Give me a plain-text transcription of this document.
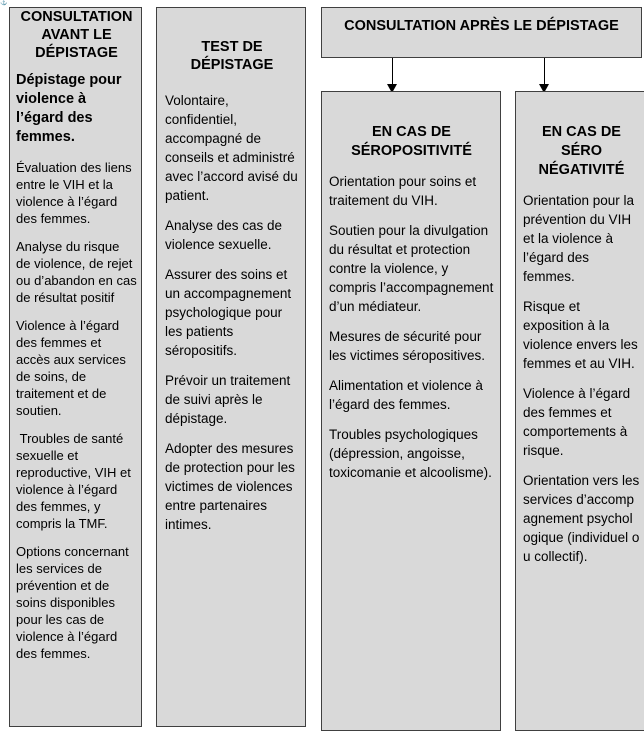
⚓
CONSULTATION AVANT LE DÉPISTAGE
Dépistage pour violence à l’égard des femmes.
Évaluation des liens entre le VIH et la violence à l’égard des femmes.
Analyse du risque de violence, de rejet ou d’abandon en cas de résultat positif
Violence à l’égard des femmes et accès aux services de soins, de traitement et de soutien.
Troubles de santé sexuelle et reproductive, VIH et violence à l’égard des femmes, y compris la TMF.
Options concernant les services de prévention et de soins disponibles pour les cas de violence à l’égard des femmes.
TEST DE DÉPISTAGE
Volontaire, confidentiel, accompagné de conseils et administré avec l’accord avisé du patient.
Analyse des cas de violence sexuelle.
Assurer des soins et un accompagnement psychologique pour les patients séropositifs.
Prévoir un traitement de suivi après le dépistage.
Adopter des mesures de protection pour les victimes de violences entre partenaires intimes.
CONSULTATION APRÈS LE DÉPISTAGE
EN CAS DE SÉROPOSITIVITÉ
Orientation pour soins et traitement du VIH.
Soutien pour la divulgation du résultat et protection contre la violence, y compris l’accompagnement d’un médiateur.
Mesures de sécurité pour les victimes séropositives.
Alimentation et violence à l’égard des femmes.
Troubles psychologiques (dépression, angoisse, toxicomanie et alcoolisme).
EN CAS DE SÉRO NÉGATIVITÉ
Orientation pour la prévention du VIH et la violence à l’égard des femmes.
Risque et exposition à la violence envers les femmes et au VIH.
Violence à l’égard des femmes et comportements à risque.
Orientation vers les services d’accompagnement psychologique (individuel ou collectif).
